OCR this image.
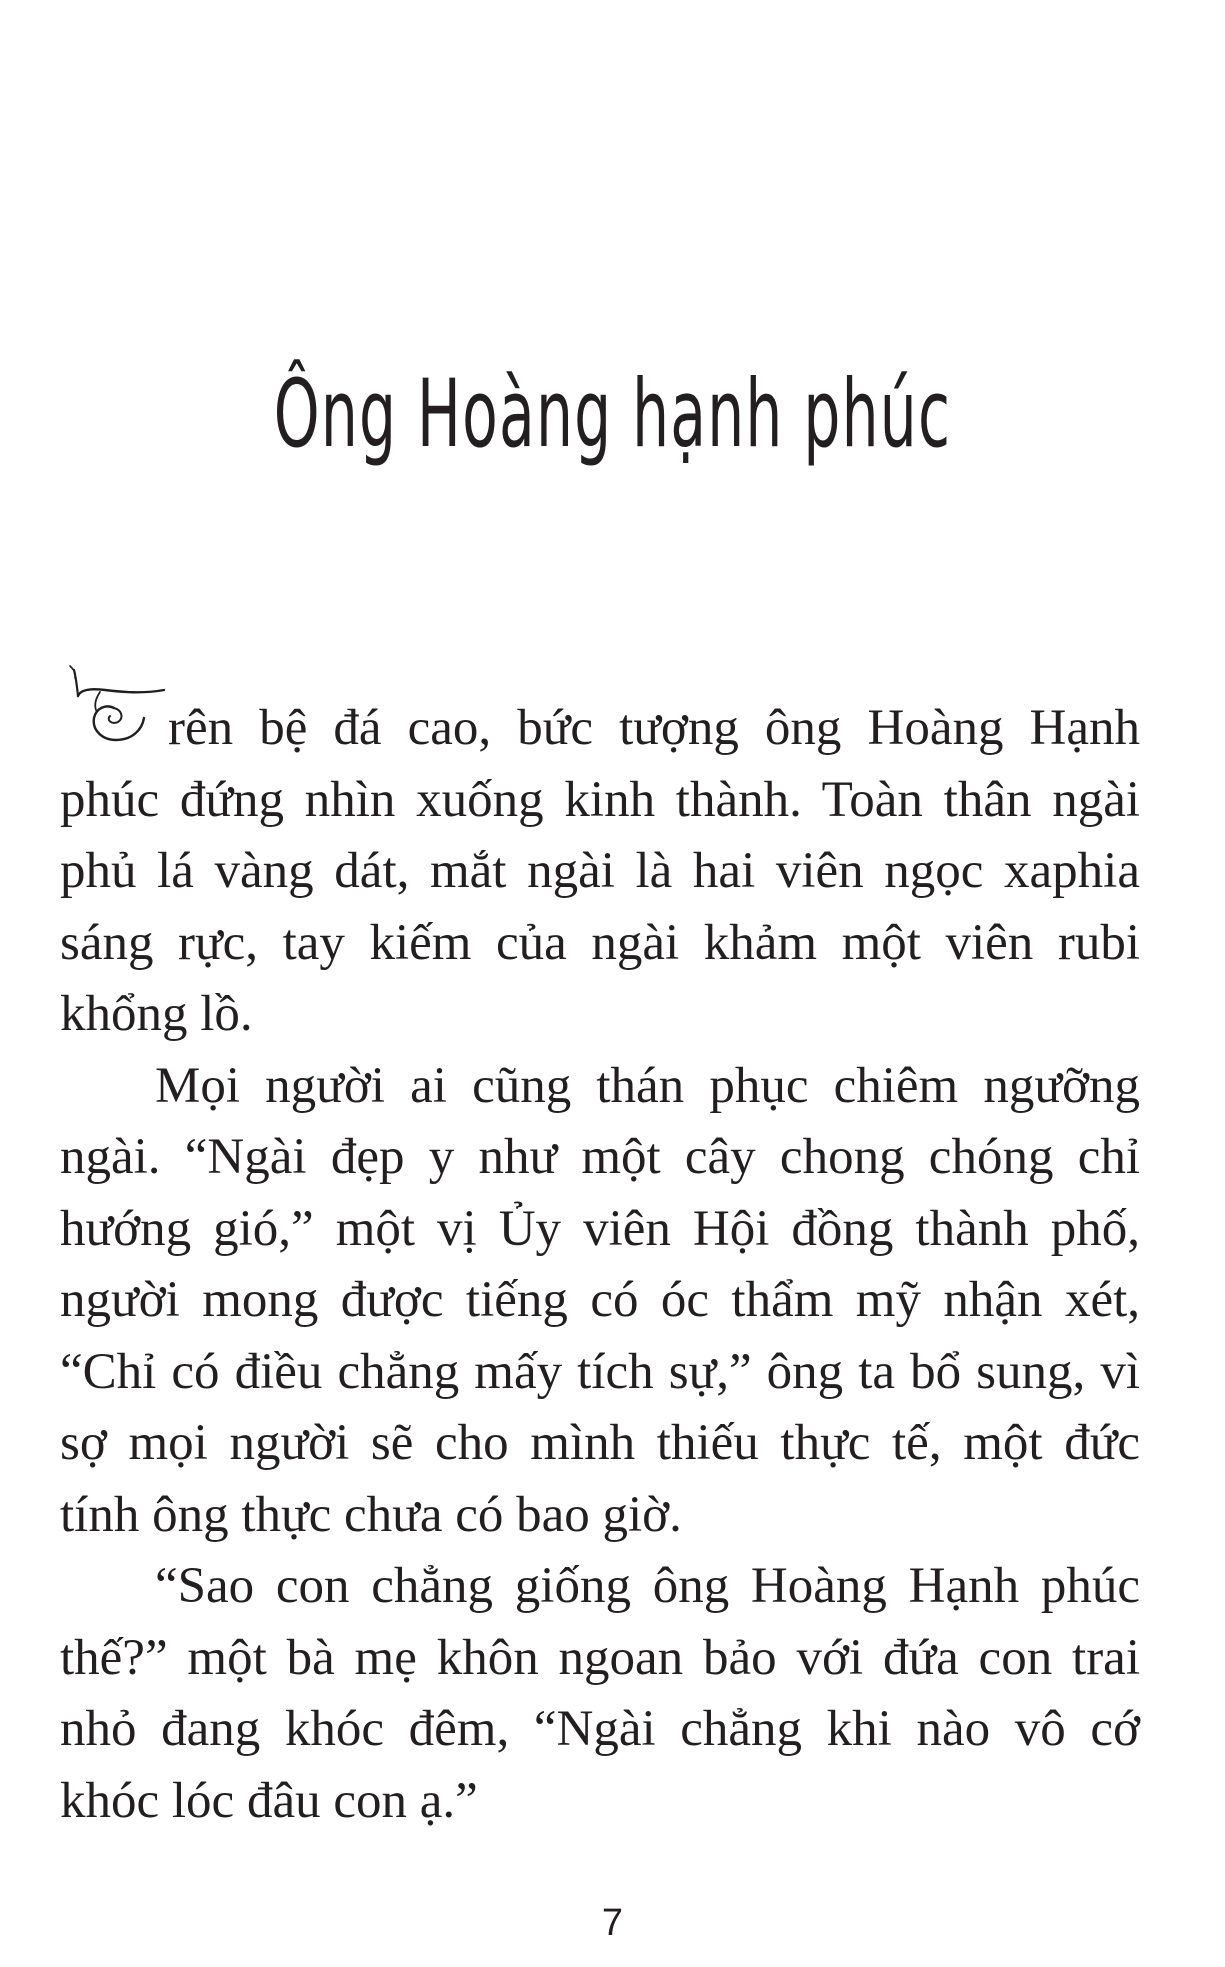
Ông Hoàng hạnh phúc

rên bệ đá cao, bức tượng ông Hoàng Hạnh phúc đứng nhìn xuống kinh thành. Toàn thân ngài phủ lá vàng dát, mắt ngài là hai viên ngọc xaphia sáng rực, tay kiếm của ngài khảm một viên rubi khổng lồ.

Mọi người ai cũng thán phục chiêm ngưỡng ngài. “Ngài đẹp y như một cây chong chóng chỉ hướng gió,” một vị Ủy viên Hội đồng thành phố, người mong được tiếng có óc thẩm mỹ nhận xét, “Chỉ có điều chẳng mấy tích sự,” ông ta bổ sung, vì sợ mọi người sẽ cho mình thiếu thực tế, một đức tính ông thực chưa có bao giờ.

“Sao con chẳng giống ông Hoàng Hạnh phúc thế?” một bà mẹ khôn ngoan bảo với đứa con trai nhỏ đang khóc đêm, “Ngài chẳng khi nào vô cớ khóc lóc đâu con ạ.”

7
